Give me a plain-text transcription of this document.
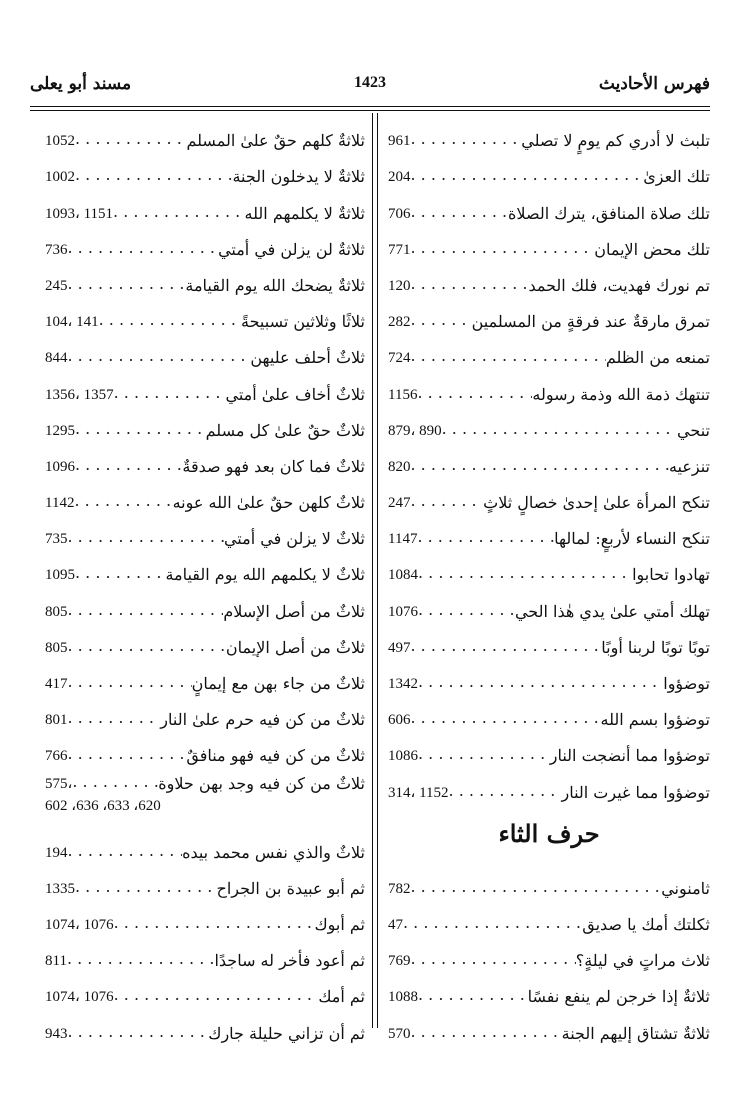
فهرس الأحاديث
1423
مسند أبو يعلى
تلبث لا أدري كم يومٍ لا تصلي
. . .
961
تلك العزىٰ
. . .
204
تلك صلاة المنافق، يترك الصلاة
. . .
706
تلك محض الإيمان
. . .
771
تم نورك فهديت، فلك الحمد
. . .
120
تمرق مارقةٌ عند فرقةٍ من المسلمين
. . .
282
تمنعه من الظلم
. . .
724
تنتهك ذمة الله وذمة رسوله
. . .
1156
تنحي
. . .
879، 890
تنزعيه
. . .
820
تنكح المرأة علىٰ إحدىٰ خصالٍ ثلاثٍ
. . .
247
تنكح النساء لأربعٍ: لمالها
. . .
1147
تهادوا تحابوا
. . .
1084
تهلك أمتي علىٰ يدي هٰذا الحي
. . .
1076
توبًا توبًا لربنا أوبًا
. . .
497
توضؤوا
. . .
1342
توضؤوا بسم الله
. . .
606
توضؤوا مما أنضجت النار
. . .
1086
توضؤوا مما غيرت النار
. . .
314، 1152
حرف الثاء
ثامنوني
. . .
782
ثكلتك أمك يا صديق
. . .
47
ثلاث مراتٍ في ليلةٍ؟
. . .
769
ثلاثةٌ إذا خرجن لم ينفع نفسًا
. . .
1088
ثلاثةٌ تشتاق إليهم الجنة
. . .
570
ثلاثةٌ كلهم حقٌ علىٰ المسلم
. . .
1052
ثلاثةٌ لا يدخلون الجنة
. . .
1002
ثلاثةٌ لا يكلمهم الله
. . .
1093، 1151
ثلاثةٌ لن يزلن في أمتي
. . .
736
ثلاثةٌ يضحك الله يوم القيامة
. . .
245
ثلاثًا وثلاثين تسبيحةً
. . .
104، 141
ثلاثٌ أحلف عليهن
. . .
844
ثلاثٌ أخاف علىٰ أمتي
. . .
1356، 1357
ثلاثٌ حقٌ علىٰ كل مسلم
. . .
1295
ثلاثٌ فما كان بعد فهو صدقةٌ
. . .
1096
ثلاثٌ كلهن حقٌ علىٰ الله عونه
. . .
1142
ثلاثٌ لا يزلن في أمتي
. . .
735
ثلاثٌ لا يكلمهم الله يوم القيامة
. . .
1095
ثلاثٌ من أصل الإسلام
. . .
805
ثلاثٌ من أصل الإيمان
. . .
805
ثلاثٌ من جاء بهن مع إيمانٍ
. . .
417
ثلاثٌ من كن فيه حرم علىٰ النار
. . .
801
ثلاثٌ من كن فيه فهو منافقٌ
. . .
766
ثلاثٌ من كن فيه وجد بهن حلاوة
. . .
575،
602 ،636 ،633 ،620
ثلاثٌ والذي نفس محمد بيده
. . .
194
ثم أبو عبيدة بن الجراح
. . .
1335
ثم أبوك
. . .
1074، 1076
ثم أعود فأخر له ساجدًا
. . .
811
ثم أمك
. . .
1074، 1076
ثم أن تزاني حليلة جارك
. . .
943
